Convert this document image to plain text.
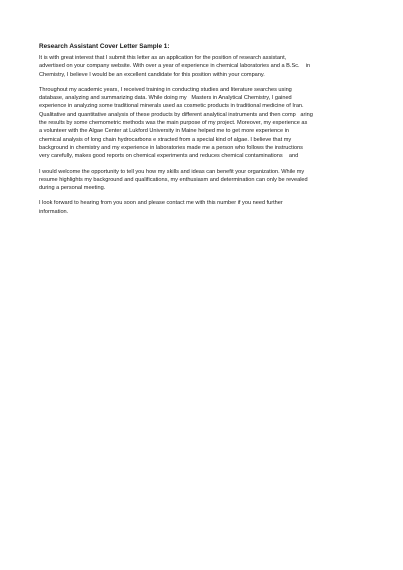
Research Assistant Cover Letter Sample 1:
It is with great interest that I submit this letter as an application for the position of research assistant,
advertised on your company website. With over a year of experience in chemical laboratories and a B.Sc.    in
Chemistry, I believe I would be an excellent candidate for this position within your company.
Throughout my academic years, I received training in conducting studies and literature searches using
database, analyzing and summarizing data. While doing my   Masters in Analytical Chemistry, I gained
experience in analyzing some traditional minerals used as cosmetic products in traditional medicine of Iran.
Qualitative and quantitative analysis of these products by different analytical instruments and then comp   aring
the results by some chemometric methods was the main purpose of my project. Moreover, my experience as
a volunteer with the Algae Center at Lukford University in Maine helped me to get more experience in
chemical analysis of long chain hydrocarbons e xtracted from a special kind of algae. I believe that my
background in chemistry and my experience in laboratories made me a person who follows the instructions
very carefully, makes good reports on chemical experiments and reduces chemical contaminations    and
I would welcome the opportunity to tell you how my skills and ideas can benefit your organization. While my
resume highlights my background and qualifications, my enthusiasm and determination can only be revealed
during a personal meeting.
I look forward to hearing from you soon and please contact me with this number if you need further
information.
